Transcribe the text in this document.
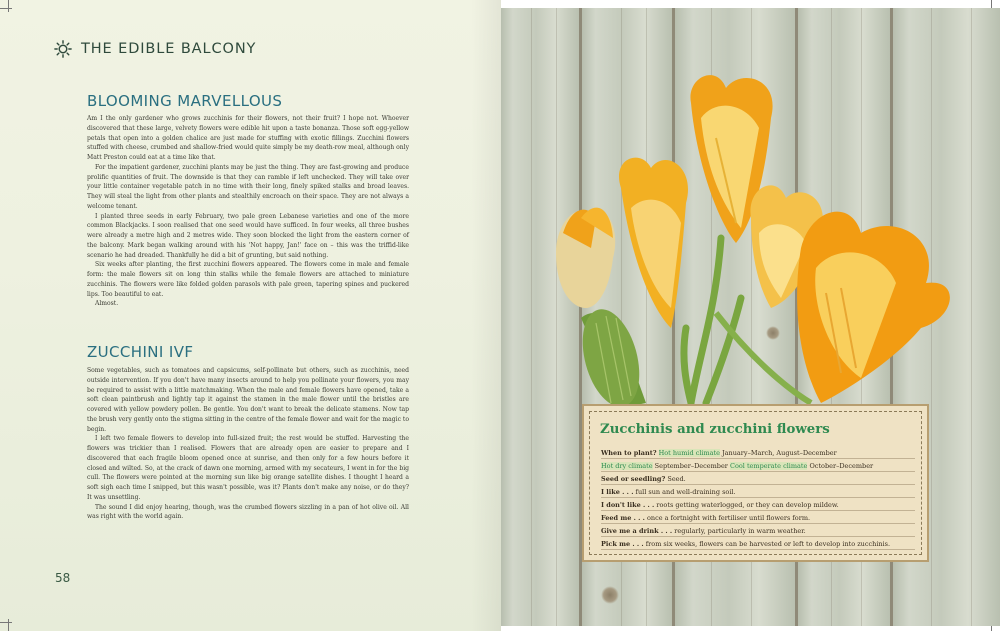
THE EDIBLE BALCONY
BLOOMING MARVELLOUS

Am I the only gardener who grows zucchinis for their flowers, not their fruit? I hope not. Whoever discovered that these large, velvety flowers were edible hit upon a taste bonanza. Those soft egg-yellow petals that open into a golden chalice are just made for stuffing with exotic fillings. Zucchini flowers stuffed with cheese, crumbed and shallow-fried would quite simply be my death-row meal, although only Matt Preston could eat at a time like that.

For the impatient gardener, zucchini plants may be just the thing. They are fast-growing and produce prolific quantities of fruit. The downside is that they can ramble if left unchecked. They will take over your little container vegetable patch in no time with their long, finely spiked stalks and broad leaves. They will steal the light from other plants and stealthily encroach on their space. They are not always a welcome tenant.

I planted three seeds in early February, two pale green Lebanese varieties and one of the more common Blackjacks. I soon realised that one seed would have sufficed. In four weeks, all three bushes were already a metre high and 2 metres wide. They soon blocked the light from the eastern corner of the balcony. Mark began walking around with his 'Not happy, Jan!' face on – this was the triffid-like scenario he had dreaded. Thankfully he did a bit of grunting, but said nothing.

Six weeks after planting, the first zucchini flowers appeared. The flowers come in male and female form: the male flowers sit on long thin stalks while the female flowers are attached to miniature zucchinis. The flowers were like folded golden parasols with pale green, tapering spines and puckered lips. Too beautiful to eat.

Almost.

ZUCCHINI IVF

Some vegetables, such as tomatoes and capsicums, self-pollinate but others, such as zucchinis, need outside intervention. If you don't have many insects around to help you pollinate your flowers, you may be required to assist with a little matchmaking. When the male and female flowers have opened, take a soft clean paintbrush and lightly tap it against the stamen in the male flower until the bristles are covered with yellow powdery pollen. Be gentle. You don't want to break the delicate stamens. Now tap the brush very gently onto the stigma sitting in the centre of the female flower and wait for the magic to begin.

I left two female flowers to develop into full-sized fruit; the rest would be stuffed. Harvesting the flowers was trickier than I realised. Flowers that are already open are easier to prepare and I discovered that each fragile bloom opened once at sunrise, and then only for a few hours before it closed and wilted. So, at the crack of dawn one morning, armed with my secateurs, I went in for the big cull. The flowers were pointed at the morning sun like big orange satellite dishes. I thought I heard a soft sigh each time I snipped, but this wasn't possible, was it? Plants don't make any noise, or do they? It was unsettling.

The sound I did enjoy hearing, though, was the crumbed flowers sizzling in a pan of hot olive oil. All was right with the world again.

58
Zucchinis and zucchini flowers
When to plant? Hot humid climate January–March, August–December
Hot dry climate September–December Cool temperate climate October–December
Seed or seedling? Seed.
I like . . . full sun and well-draining soil.
I don't like . . . roots getting waterlogged, or they can develop mildew.
Feed me . . . once a fortnight with fertiliser until flowers form.
Give me a drink . . . regularly, particularly in warm weather.
Pick me . . . from six weeks, flowers can be harvested or left to develop into zucchinis.
